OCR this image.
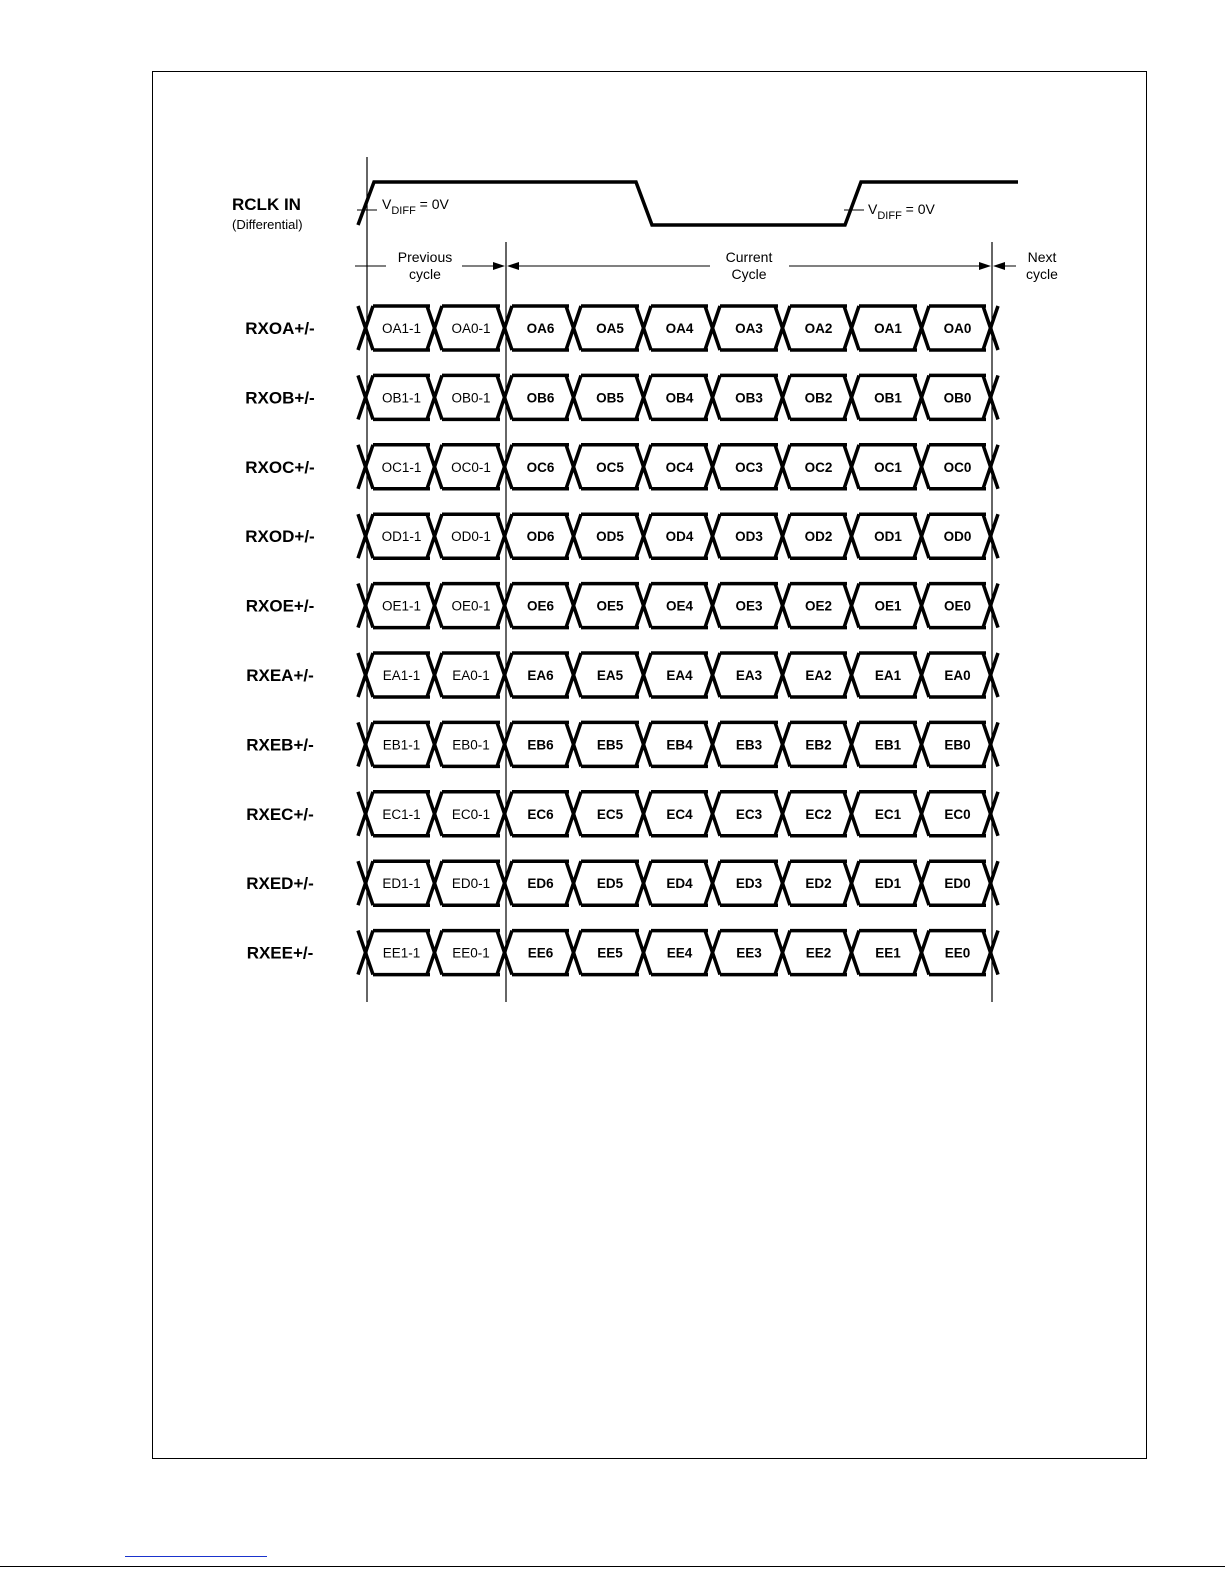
RCLK IN
(Differential)
$V_{DIFF} = 0V$	$V_{DIFF} = 0V$
Previous
cycle
Current
Cycle
Next
cycle
RXOA+/-	OA1-1 OA0-1	OA6	OA5	OA4	OA3	OA2	OA1	OA0
RXOB+/-	OB1-1 OB0-1	OB6	OB5	OB4	OB3	OB2	OB1	OB0
RXOC+/-	OC1-1 OC0-1	OC6	OC5	OC4	OC3	OC2	OC1	OC0
RXOD+/-	OD1-1 OD0-1	OD6	OD5	OD4	OD3	OD2	OD1	OD0
RXOE+/-	OE1-1 OE0-1	OE6	OE5	OE4	OE3	OE2	OE1	OE0
RXEA+/-	EA1-1 EA0-1	EA6	EA5	EA4	EA3	EA2	EA1	EA0
RXEB+/-	EB1-1 EB0-1	EB6	EB5	EB4	EB3	EB2	EB1	EB0
RXEC+/-	EC1-1 EC0-1	EC6	EC5	EC4	EC3	EC2	EC1	EC0
RXED+/-	ED1-1 ED0-1	ED6	ED5	ED4	ED3	ED2	ED1	ED0
RXEE+/-	EE1-1 EE0-1	EE6	EE5	EE4	EE3	EE2	EE1	EE0
